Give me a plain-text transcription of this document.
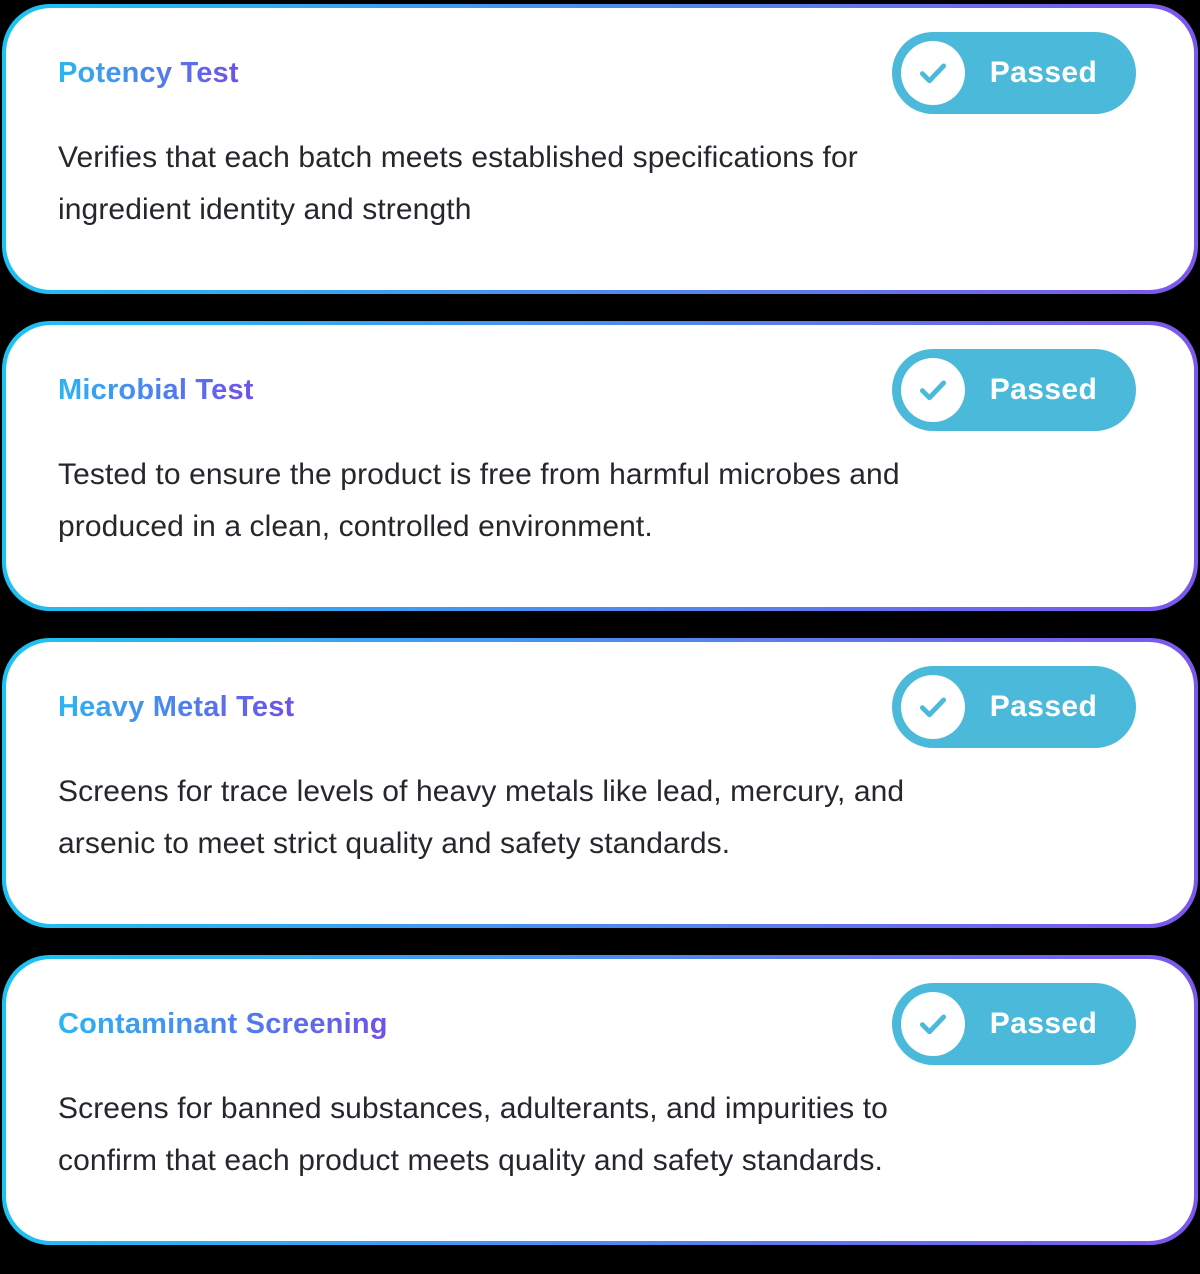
Potency Test	Passed
Verifies that each batch meets established specifications for
ingredient identity and strength
Microbial Test	Passed
Tested to ensure the product is free from harmful microbes and
produced in a clean, controlled environment.
Heavy Metal Test	Passed
Screens for trace levels of heavy metals like lead, mercury, and
arsenic to meet strict quality and safety standards.
Contaminant Screening	Passed
Screens for banned substances, adulterants, and impurities to
confirm that each product meets quality and safety standards.
